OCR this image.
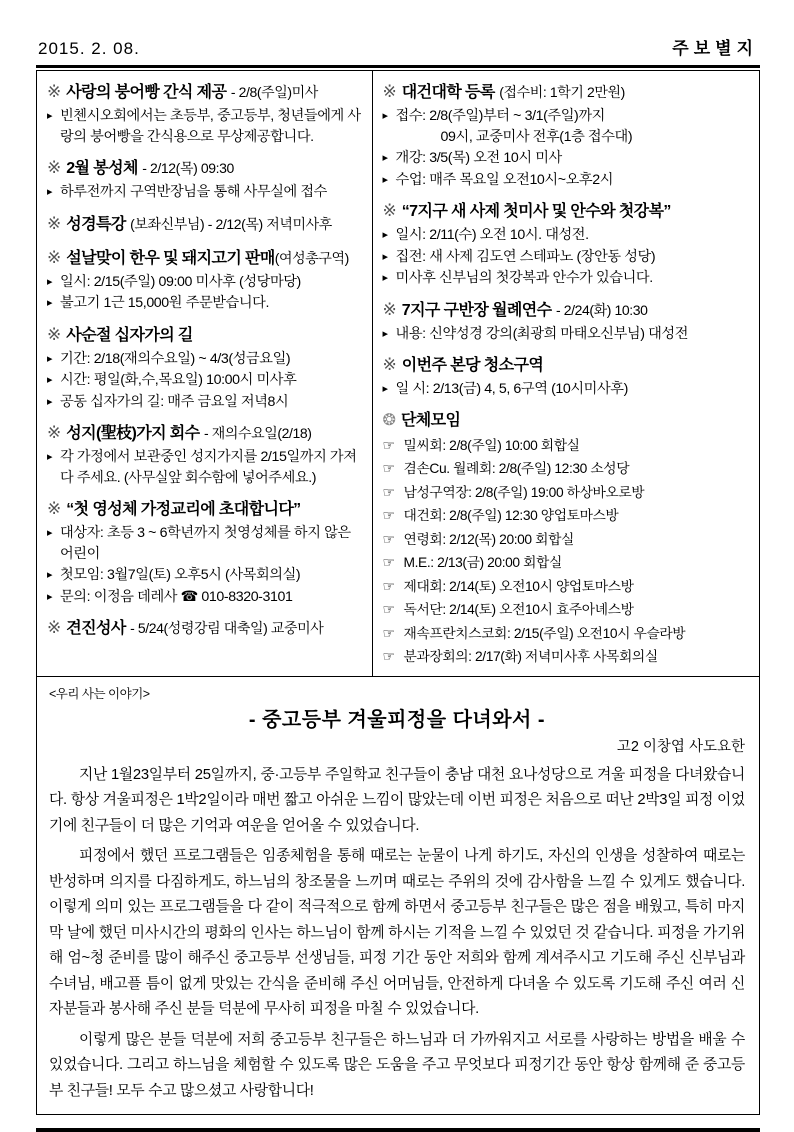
2015. 2. 08.	주보별지
※ 사랑의 붕어빵 간식 제공 - 2/8(주일)미사
▸ 빈첸시오회에서는 초등부, 중고등부, 청년들에게 사랑의 붕어빵을 간식용으로 무상제공합니다.
※ 2월 봉성체 - 2/12(목) 09:30
▸ 하루전까지 구역반장님을 통해 사무실에 접수
※ 성경특강 (보좌신부님) - 2/12(목) 저녁미사후
※ 설날맞이 한우 및 돼지고기 판매(여성총구역)
▸ 일시: 2/15(주일) 09:00 미사후 (성당마당)
▸ 불고기 1근 15,000원 주문받습니다.
※ 사순절 십자가의 길
▸ 기간: 2/18(재의수요일) ~ 4/3(성금요일)
▸ 시간: 평일(화,수,목요일) 10:00시 미사후
▸ 공동 십자가의 길: 매주 금요일 저녁8시
※ 성지(聖枝)가지 회수 - 재의수요일(2/18)
▸ 각 가정에서 보관중인 성지가지를 2/15일까지 가져다 주세요. (사무실앞 회수함에 넣어주세요.)
※ “첫 영성체 가정교리에 초대합니다”
▸ 대상자: 초등 3 ~ 6학년까지 첫영성체를 하지 않은 어린이
▸ 첫모임: 3월7일(토) 오후5시 (사목회의실)
▸ 문의: 이정음 데레사 ☎ 010-8320-3101
※ 견진성사 - 5/24(성령강림 대축일) 교중미사
※ 대건대학 등록 (접수비: 1학기 2만원)
▸ 접수: 2/8(주일)부터 ~ 3/1(주일)까지
09시, 교중미사 전후(1층 접수대)
▸ 개강: 3/5(목) 오전 10시 미사
▸ 수업: 매주 목요일 오전10시~오후2시
※ “7지구 새 사제 첫미사 및 안수와 첫강복”
▸ 일시: 2/11(수) 오전 10시. 대성전.
▸ 집전: 새 사제 김도연 스테파노 (장안동 성당)
▸ 미사후 신부님의 첫강복과 안수가 있습니다.
※ 7지구 구반장 월례연수 - 2/24(화) 10:30
▸ 내용: 신약성경 강의(최광희 마태오신부님) 대성전
※ 이번주 본당 청소구역
▸ 일 시: 2/13(금) 4, 5, 6구역 (10시미사후)
❂ 단체모임
☞ 밀씨회: 2/8(주일) 10:00 회합실
☞ 겸손Cu. 월례회: 2/8(주일) 12:30 소성당
☞ 남성구역장: 2/8(주일) 19:00 하상바오로방
☞ 대건회: 2/8(주일) 12:30 양업토마스방
☞ 연령회: 2/12(목) 20:00 회합실
☞ M.E.: 2/13(금) 20:00 회합실
☞ 제대회: 2/14(토) 오전10시 양업토마스방
☞ 독서단: 2/14(토) 오전10시 효주아녜스방
☞ 재속프란치스코회: 2/15(주일) 오전10시 우슬라방
☞ 분과장회의: 2/17(화) 저녁미사후 사목회의실
<우리 사는 이야기>
- 중고등부 겨울피정을 다녀와서 -
고2 이창엽 사도요한

지난 1월23일부터 25일까지, 중·고등부 주일학교 친구들이 충남 대천 요나성당으로 겨울 피정을 다녀왔습니다. 항상 겨울피정은 1박2일이라 매번 짧고 아쉬운 느낌이 많았는데 이번 피정은 처음으로 떠난 2박3일 피정 이었기에 친구들이 더 많은 기억과 여운을 얻어올 수 있었습니다.

피정에서 했던 프로그램들은 임종체험을 통해 때로는 눈물이 나게 하기도, 자신의 인생을 성찰하여 때로는 반성하며 의지를 다짐하게도, 하느님의 창조물을 느끼며 때로는 주위의 것에 감사함을 느낄 수 있게도 했습니다. 이렇게 의미 있는 프로그램들을 다 같이 적극적으로 함께 하면서 중고등부 친구들은 많은 점을 배웠고, 특히 마지막 날에 했던 미사시간의 평화의 인사는 하느님이 함께 하시는 기적을 느낄 수 있었던 것 같습니다. 피정을 가기위해 엄~청 준비를 많이 해주신 중고등부 선생님들, 피정 기간 동안 저희와 함께 계셔주시고 기도해 주신 신부님과 수녀님, 배고플 틈이 없게 맛있는 간식을 준비해 주신 어머님들, 안전하게 다녀올 수 있도록 기도해 주신 여러 신자분들과 봉사해 주신 분들 덕분에 무사히 피정을 마칠 수 있었습니다.

이렇게 많은 분들 덕분에 저희 중고등부 친구들은 하느님과 더 가까워지고 서로를 사랑하는 방법을 배울 수 있었습니다. 그리고 하느님을 체험할 수 있도록 많은 도움을 주고 무엇보다 피정기간 동안 항상 함께해 준 중고등부 친구들! 모두 수고 많으셨고 사랑합니다!
